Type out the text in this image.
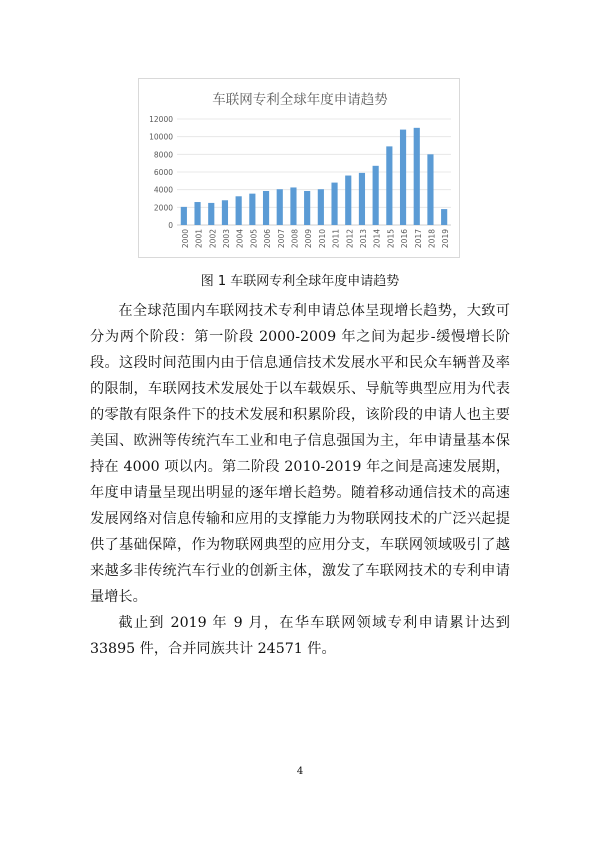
车联网专利全球年度申请趋势
0
2000
4000
6000
8000
10000
12000
2000 2001 2002 2003 2004 2005 2006 2007 2008 2009 2010 2011 2012 2013 2014 2015 2016 2017 2018 2019
图 1 车联网专利全球年度申请趋势

在全球范围内车联网技术专利申请总体呈现增长趋势，大致可分为两个阶段：第一阶段 2000-2009 年之间为起步-缓慢增长阶段。这段时间范围内由于信息通信技术发展水平和民众车辆普及率的限制，车联网技术发展处于以车载娱乐、导航等典型应用为代表的零散有限条件下的技术发展和积累阶段，该阶段的申请人也主要美国、欧洲等传统汽车工业和电子信息强国为主，年申请量基本保持在 4000 项以内。第二阶段 2010-2019 年之间是高速发展期，年度申请量呈现出明显的逐年增长趋势。随着移动通信技术的高速发展网络对信息传输和应用的支撑能力为物联网技术的广泛兴起提供了基础保障，作为物联网典型的应用分支，车联网领域吸引了越来越多非传统汽车行业的创新主体，激发了车联网技术的专利申请量增长。

截止到 2019 年 9 月，在华车联网领域专利申请累计达到 33895 件，合并同族共计 24571 件。

4
